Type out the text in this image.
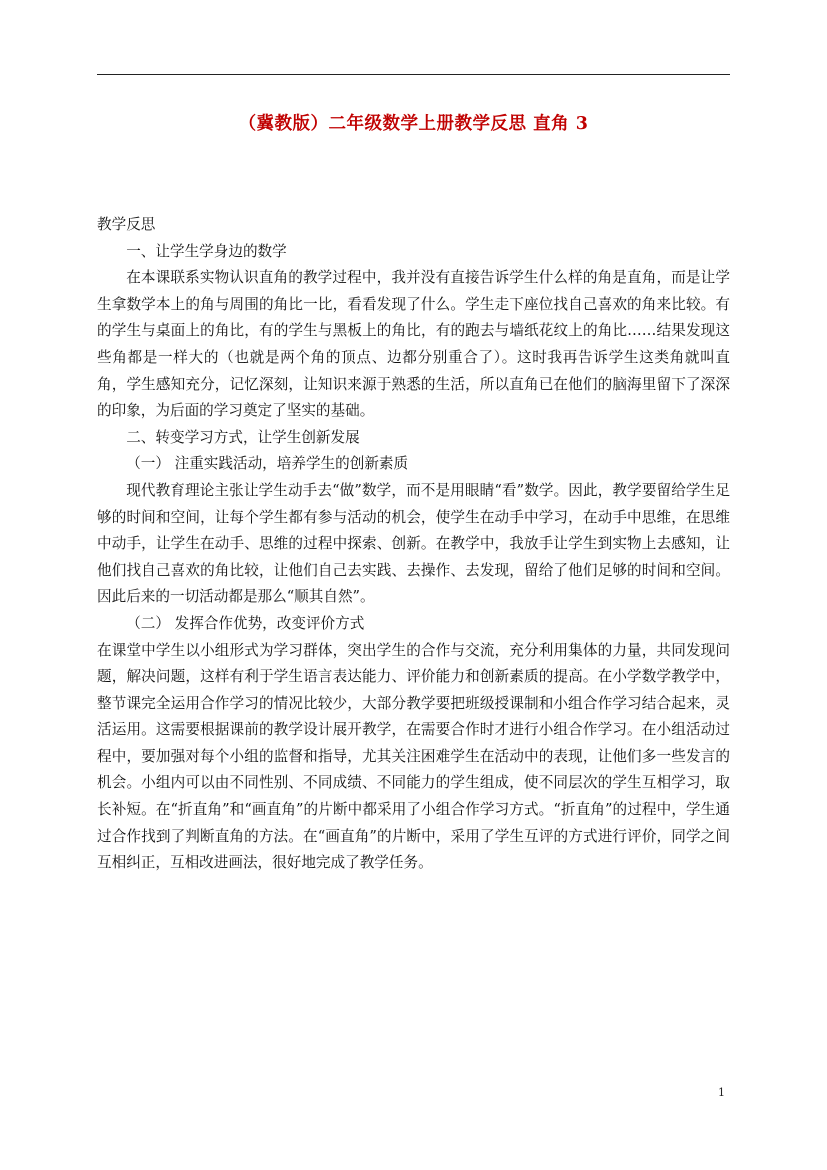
（冀教版）二年级数学上册教学反思 直角 3

教学反思

一、让学生学身边的数学

在本课联系实物认识直角的教学过程中，我并没有直接告诉学生什么样的角是直角，而是让学生拿数学本上的角与周围的角比一比，看看发现了什么。学生走下座位找自己喜欢的角来比较。有的学生与桌面上的角比，有的学生与黑板上的角比，有的跑去与墙纸花纹上的角比……结果发现这些角都是一样大的（也就是两个角的顶点、边都分别重合了）。这时我再告诉学生这类角就叫直角，学生感知充分，记忆深刻，让知识来源于熟悉的生活，所以直角已在他们的脑海里留下了深深的印象，为后面的学习奠定了坚实的基础。

二、转变学习方式，让学生创新发展

（一） 注重实践活动，培养学生的创新素质

现代教育理论主张让学生动手去“做”数学，而不是用眼睛“看”数学。因此，教学要留给学生足够的时间和空间，让每个学生都有参与活动的机会，使学生在动手中学习，在动手中思维，在思维中动手，让学生在动手、思维的过程中探索、创新。在教学中，我放手让学生到实物上去感知，让他们找自己喜欢的角比较，让他们自己去实践、去操作、去发现，留给了他们足够的时间和空间。因此后来的一切活动都是那么“顺其自然”。

（二） 发挥合作优势，改变评价方式

在课堂中学生以小组形式为学习群体，突出学生的合作与交流，充分利用集体的力量，共同发现问题，解决问题，这样有利于学生语言表达能力、评价能力和创新素质的提高。在小学数学教学中，整节课完全运用合作学习的情况比较少，大部分教学要把班级授课制和小组合作学习结合起来，灵活运用。这需要根据课前的教学设计展开教学，在需要合作时才进行小组合作学习。在小组活动过程中，要加强对每个小组的监督和指导，尤其关注困难学生在活动中的表现，让他们多一些发言的机会。小组内可以由不同性别、不同成绩、不同能力的学生组成，使不同层次的学生互相学习，取长补短。在“折直角”和“画直角”的片断中都采用了小组合作学习方式。“折直角”的过程中，学生通过合作找到了判断直角的方法。在“画直角”的片断中，采用了学生互评的方式进行评价，同学之间互相纠正，互相改进画法，很好地完成了教学任务。

1
